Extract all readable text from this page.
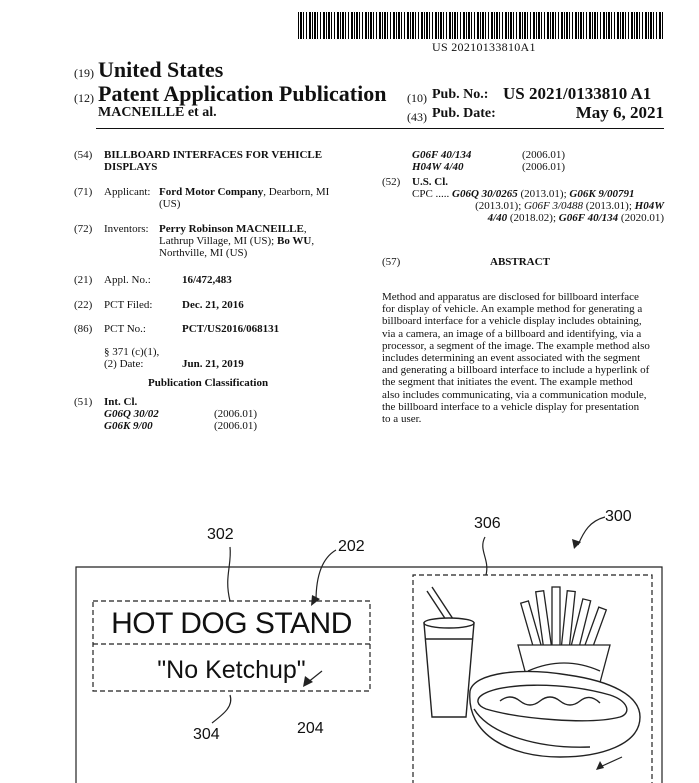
US 20210133810A1
(19) United States
(12) Patent Application Publication
MACNEILLE et al.
(10) Pub. No.: US 2021/0133810 A1
(43) Pub. Date:	May 6, 2021
(54) BILLBOARD INTERFACES FOR VEHICLE
DISPLAYS
(71) Applicant: Ford Motor Company, Dearborn, MI
(US)
(72) Inventors: Perry Robinson MACNEILLE,
Lathrup Village, MI (US); Bo WU,
Northville, MI (US)
(21) Appl. No.:	16/472,483
(22) PCT Filed:	Dec. 21, 2016
(86) PCT No.:	PCT/US2016/068131
§ 371 (c)(1),
(2) Date:	Jun. 21, 2019
Publication Classification
(51) Int. Cl.
G06Q 30/02	(2006.01)
G06K 9/00	(2006.01)
G06F 40/134	(2006.01)
H04W 4/40	(2006.01)
(52) U.S. Cl.
CPC ..... G06Q 30/0265 (2013.01); G06K 9/00791
(2013.01); G06F 3/0488 (2013.01); H04W
4/40 (2018.02); G06F 40/134 (2020.01)
(57)	ABSTRACT
Method and apparatus are disclosed for billboard interface
for display of vehicle. An example method for generating a
billboard interface for a vehicle display includes obtaining,
via a camera, an image of a billboard and identifying, via a
processor, a segment of the image. The example method also
includes determining an event associated with the segment
and generating a billboard interface to include a hyperlink of
the segment that initiates the event. The example method
also includes communicating, via a communication module,
the billboard interface to a vehicle display for presentation
to a user.
302
202
306	300
304	204
HOT DOG STAND
"No Ketchup"
